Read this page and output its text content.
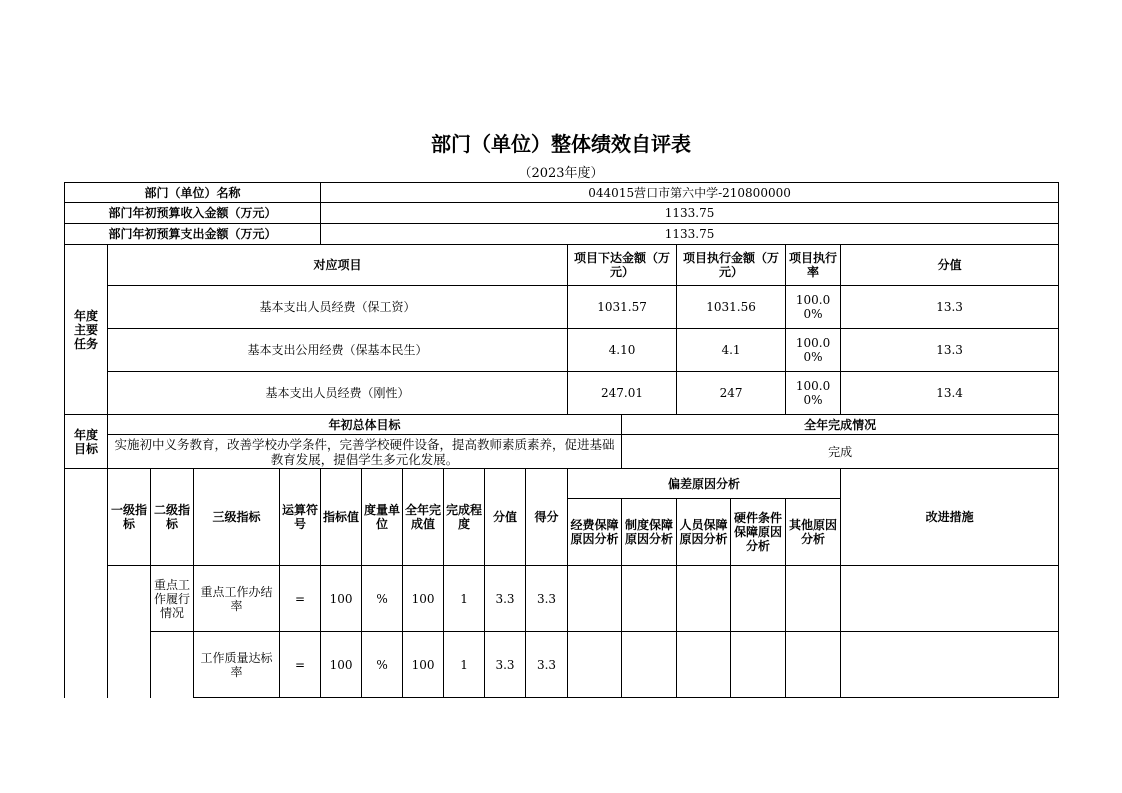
部门（单位）整体绩效自评表
（2023年度）
部门（单位）名称					044015营口市第六中学-210800000												
部门年初预算收入金额（万元）					1133.75												
部门年初预算支出金额（万元）					1133.75												
年度
主要
任务	对应项目										项目下达金额（万元）		项目执行金额（万元）		项目执行率	分值	
	基本支出人员经费（保工资）										1031.57		1031.56		100.00%	13.3	
	基本支出公用经费（保基本民生）										4.10		4.1		100.00%	13.3	
	基本支出人员经费（刚性）										247.01		247		100.00%	13.4	
年度
目标	年初总体目标											全年完成情况					
	实施初中义务教育，改善学校办学条件，完善学校硬件设备，提高教师素质素养，促进基础教育发展，提倡学生多元化发展。											完成					
	一级指标	二级指标	三级指标	运算符号	指标值	度量单位	全年完成值	完成程度	分值	得分	偏差原因分析					改进措施	
											经费保障原因分析	制度保障原因分析	人员保障原因分析	硬件条件保障原因分析	其他原因分析		
		重点工作履行情况	重点工作办结率	=	100	%	100	1	3.3	3.3							
			工作质量达标率	=	100	%	100	1	3.3	3.3							
